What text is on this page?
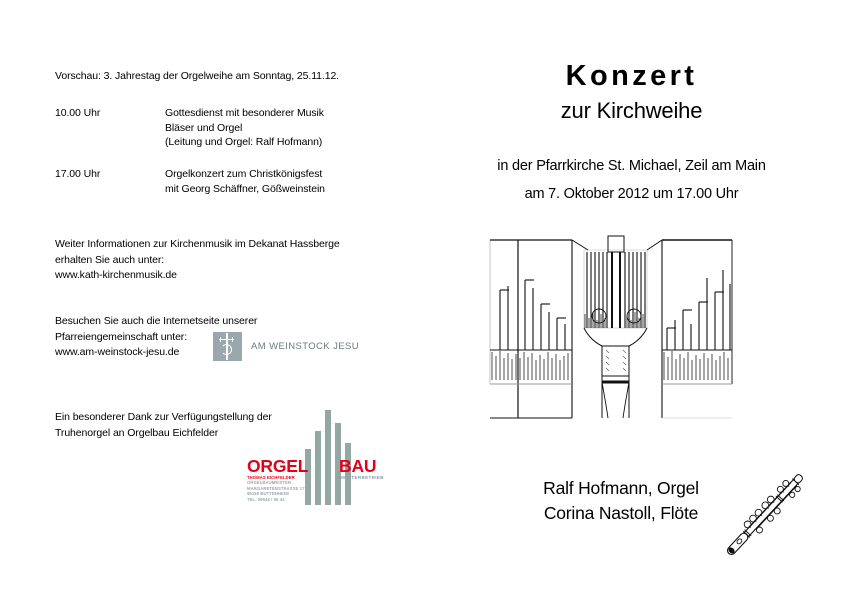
Vorschau: 3. Jahrestag der Orgelweihe am Sonntag, 25.11.12.
10.00 Uhr	Gottesdienst mit besonderer Musik
Bläser und Orgel
(Leitung und Orgel: Ralf Hofmann)
17.00 Uhr	Orgelkonzert zum Christkönigsfest
mit Georg Schäffner, Gößweinstein
Weiter Informationen zur Kirchenmusik im Dekanat Hassberge
erhalten Sie auch unter:
www.kath-kirchenmusik.de
Besuchen Sie auch die Internetseite unserer
Pfarreiengemeinschaft unter:
www.am-weinstock-jesu.de
Ein besonderer Dank zur Verfügungstellung der
Truhenorgel an Orgelbau Eichfelder
AM WEINSTOCK JESU
ORGEL BAU
THOMAS EICHFELDER
ORGELBAUMEISTER
MARGARETENSTRASSE 17
96155 BUTTENHEIM
TEL. 09545 / 95 44
MEISTERBETRIEB
Konzert
zur Kirchweihe
in der Pfarrkirche St. Michael, Zeil am Main
am 7. Oktober 2012 um 17.00 Uhr
Ralf Hofmann, Orgel
Corina Nastoll, Flöte
